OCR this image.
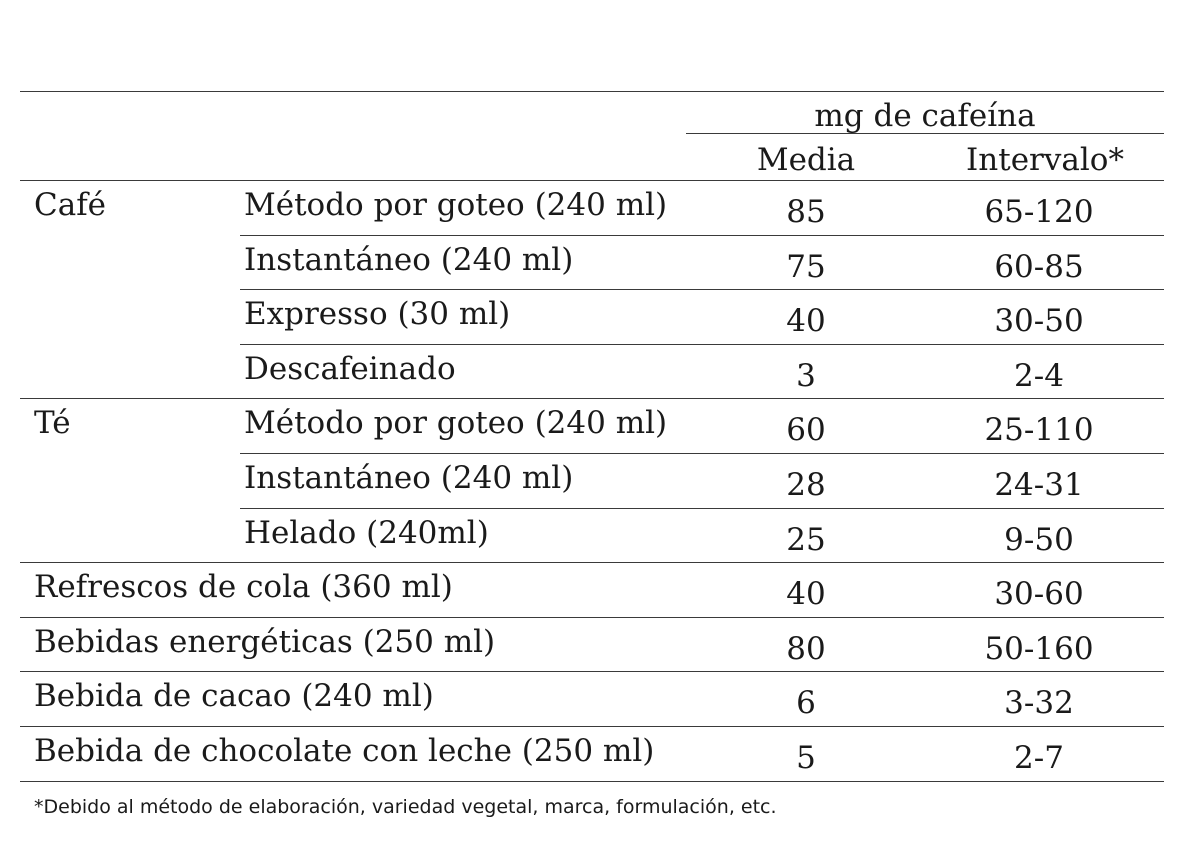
mg de cafeína
Media	Intervalo*
*Debido al método de elaboración, variedad vegetal, marca, formulación, etc.
Café	Método por goteo (240 ml)	85	65-120
Instantáneo (240 ml)	75	60-85
Expresso (30 ml)	40	30-50
Descafeinado	3	2-4
Té	Método por goteo (240 ml)	60	25-110
Instantáneo (240 ml)	28	24-31
Helado (240ml)	25	9-50
Refrescos de cola (360 ml)	40	30-60
Bebidas energéticas (250 ml)	80	50-160
Bebida de cacao (240 ml)	6	3-32
Bebida de chocolate con leche (250 ml)	5	2-7
